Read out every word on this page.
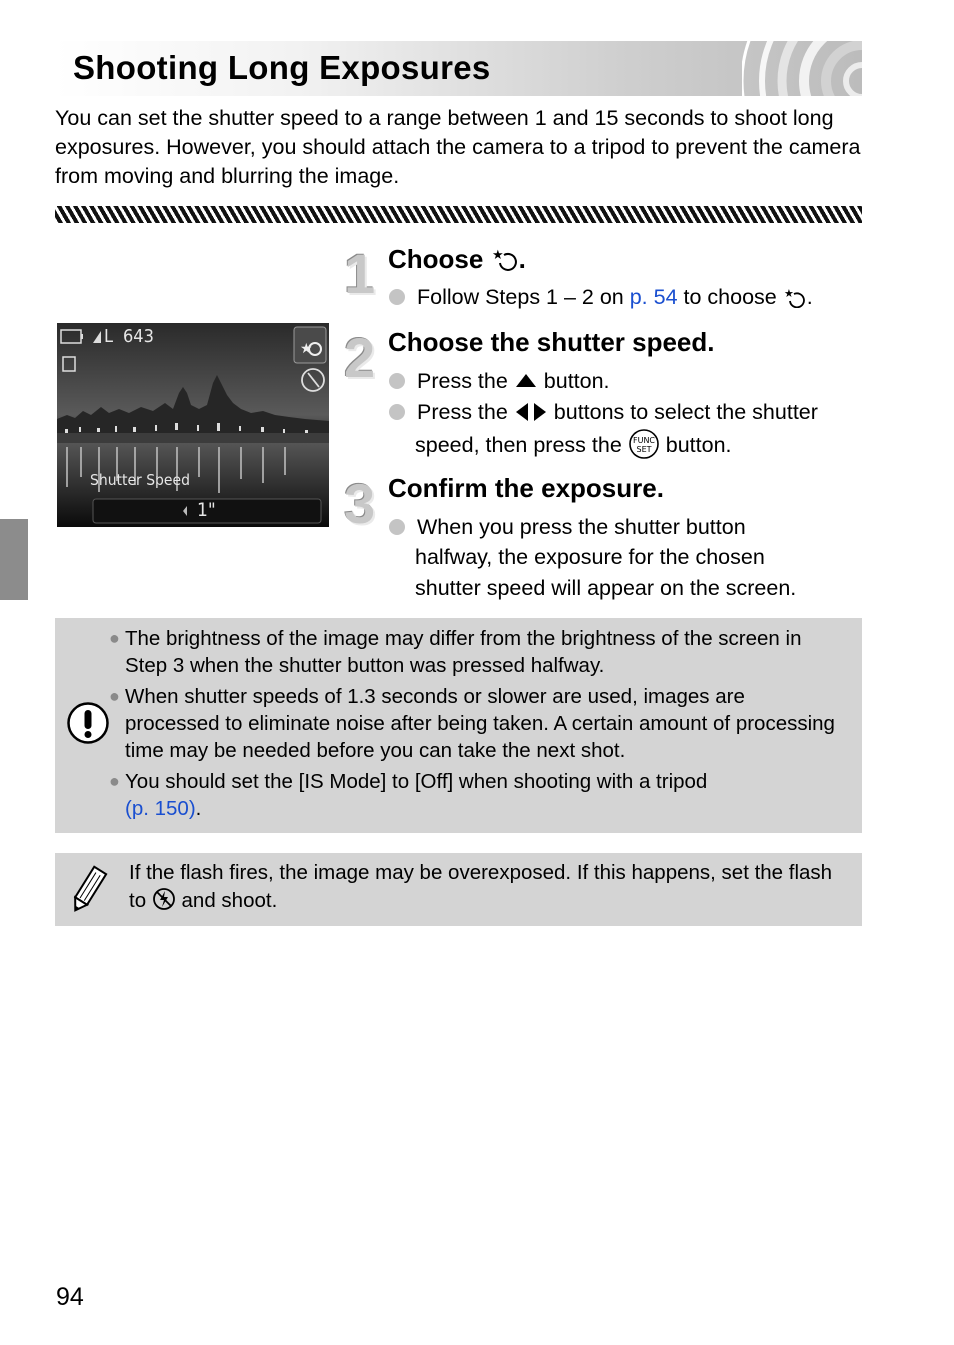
Shooting Long Exposures
You can set the shutter speed to a range between 1 and 15 seconds to shoot long exposures. However, you should attach the camera to a tripod to prevent the camera from moving and blurring the image.
★
643
L
Shutter Speed
1"
1 Choose ★ .
Follow Steps 1 – 2 on p. 54 to choose ★ .
2 Choose the shutter speed.
Press the button.
Press the buttons to select the shutter
speed, then press the FUNC
SET button.
3 Confirm the exposure.
When you press the shutter button
halfway, the exposure for the chosen
shutter speed will appear on the screen.
● The brightness of the image may differ from the brightness of the screen in Step 3 when the shutter button was pressed halfway.
● When shutter speeds of 1.3 seconds or slower are used, images are processed to eliminate noise after being taken. A certain amount of processing time may be needed before you can take the next shot.
● You should set the [IS Mode] to [Off] when shooting with a tripod
(p. 150).
If the flash fires, the image may be overexposed. If this happens, set the flash to and shoot.
94
